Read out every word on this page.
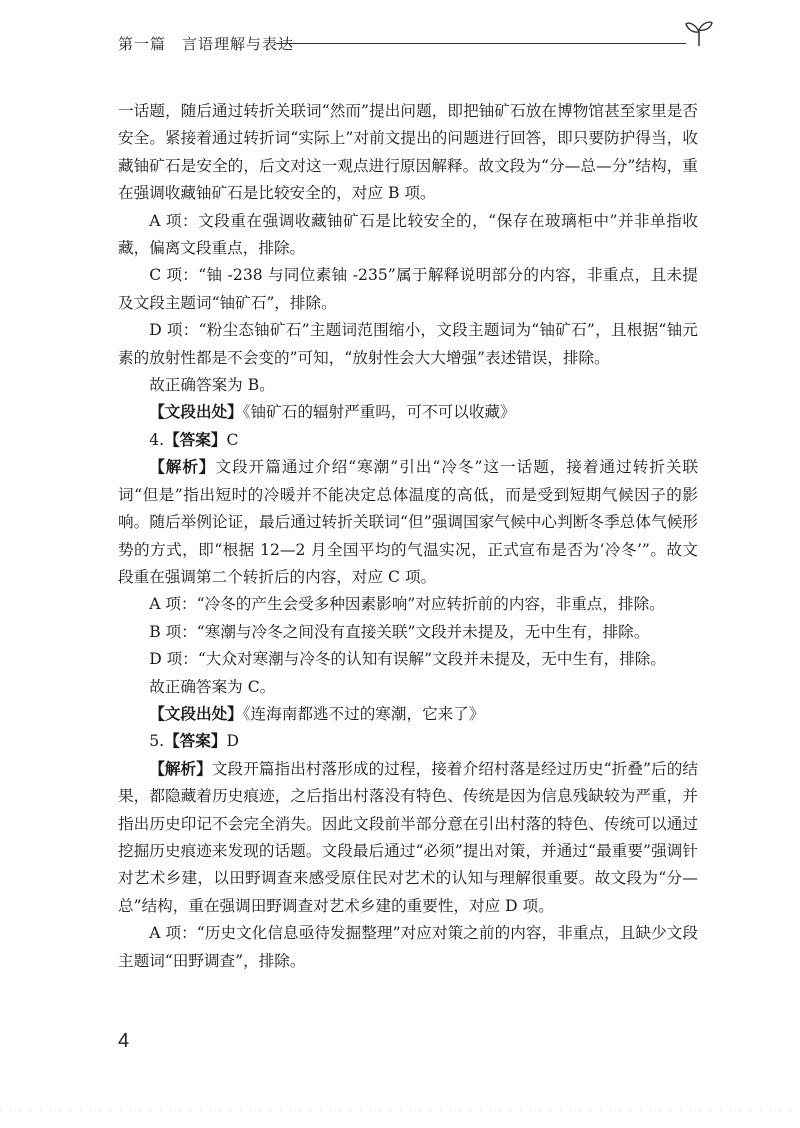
第一篇　言语理解与表达

一话题，随后通过转折关联词“然而”提出问题，即把铀矿石放在博物馆甚至家里是否安全。紧接着通过转折词“实际上”对前文提出的问题进行回答，即只要防护得当，收藏铀矿石是安全的，后文对这一观点进行原因解释。故文段为“分—总—分”结构，重在强调收藏铀矿石是比较安全的，对应 B 项。

A 项：文段重在强调收藏铀矿石是比较安全的，“保存在玻璃柜中”并非单指收藏，偏离文段重点，排除。

C 项：“铀 -238 与同位素铀 -235”属于解释说明部分的内容，非重点，且未提及文段主题词“铀矿石”，排除。

D 项：“粉尘态铀矿石”主题词范围缩小，文段主题词为“铀矿石”，且根据“铀元素的放射性都是不会变的”可知，“放射性会大大增强”表述错误，排除。

故正确答案为 B。

【文段出处】《铀矿石的辐射严重吗，可不可以收藏》

4.【答案】C

【解析】文段开篇通过介绍“寒潮”引出“冷冬”这一话题，接着通过转折关联词“但是”指出短时的冷暖并不能决定总体温度的高低，而是受到短期气候因子的影响。随后举例论证，最后通过转折关联词“但”强调国家气候中心判断冬季总体气候形势的方式，即“根据 12—2 月全国平均的气温实况，正式宣布是否为‘冷冬’”。故文段重在强调第二个转折后的内容，对应 C 项。

A 项：“冷冬的产生会受多种因素影响”对应转折前的内容，非重点，排除。

B 项：“寒潮与冷冬之间没有直接关联”文段并未提及，无中生有，排除。

D 项：“大众对寒潮与冷冬的认知有误解”文段并未提及，无中生有，排除。

故正确答案为 C。

【文段出处】《连海南都逃不过的寒潮，它来了》

5.【答案】D

【解析】文段开篇指出村落形成的过程，接着介绍村落是经过历史“折叠”后的结果，都隐藏着历史痕迹，之后指出村落没有特色、传统是因为信息残缺较为严重，并指出历史印记不会完全消失。因此文段前半部分意在引出村落的特色、传统可以通过挖掘历史痕迹来发现的话题。文段最后通过“必须”提出对策，并通过“最重要”强调针对艺术乡建，以田野调查来感受原住民对艺术的认知与理解很重要。故文段为“分—总”结构，重在强调田野调查对艺术乡建的重要性，对应 D 项。

A 项：“历史文化信息亟待发掘整理”对应对策之前的内容，非重点，且缺少文段主题词“田野调查”，排除。

4
